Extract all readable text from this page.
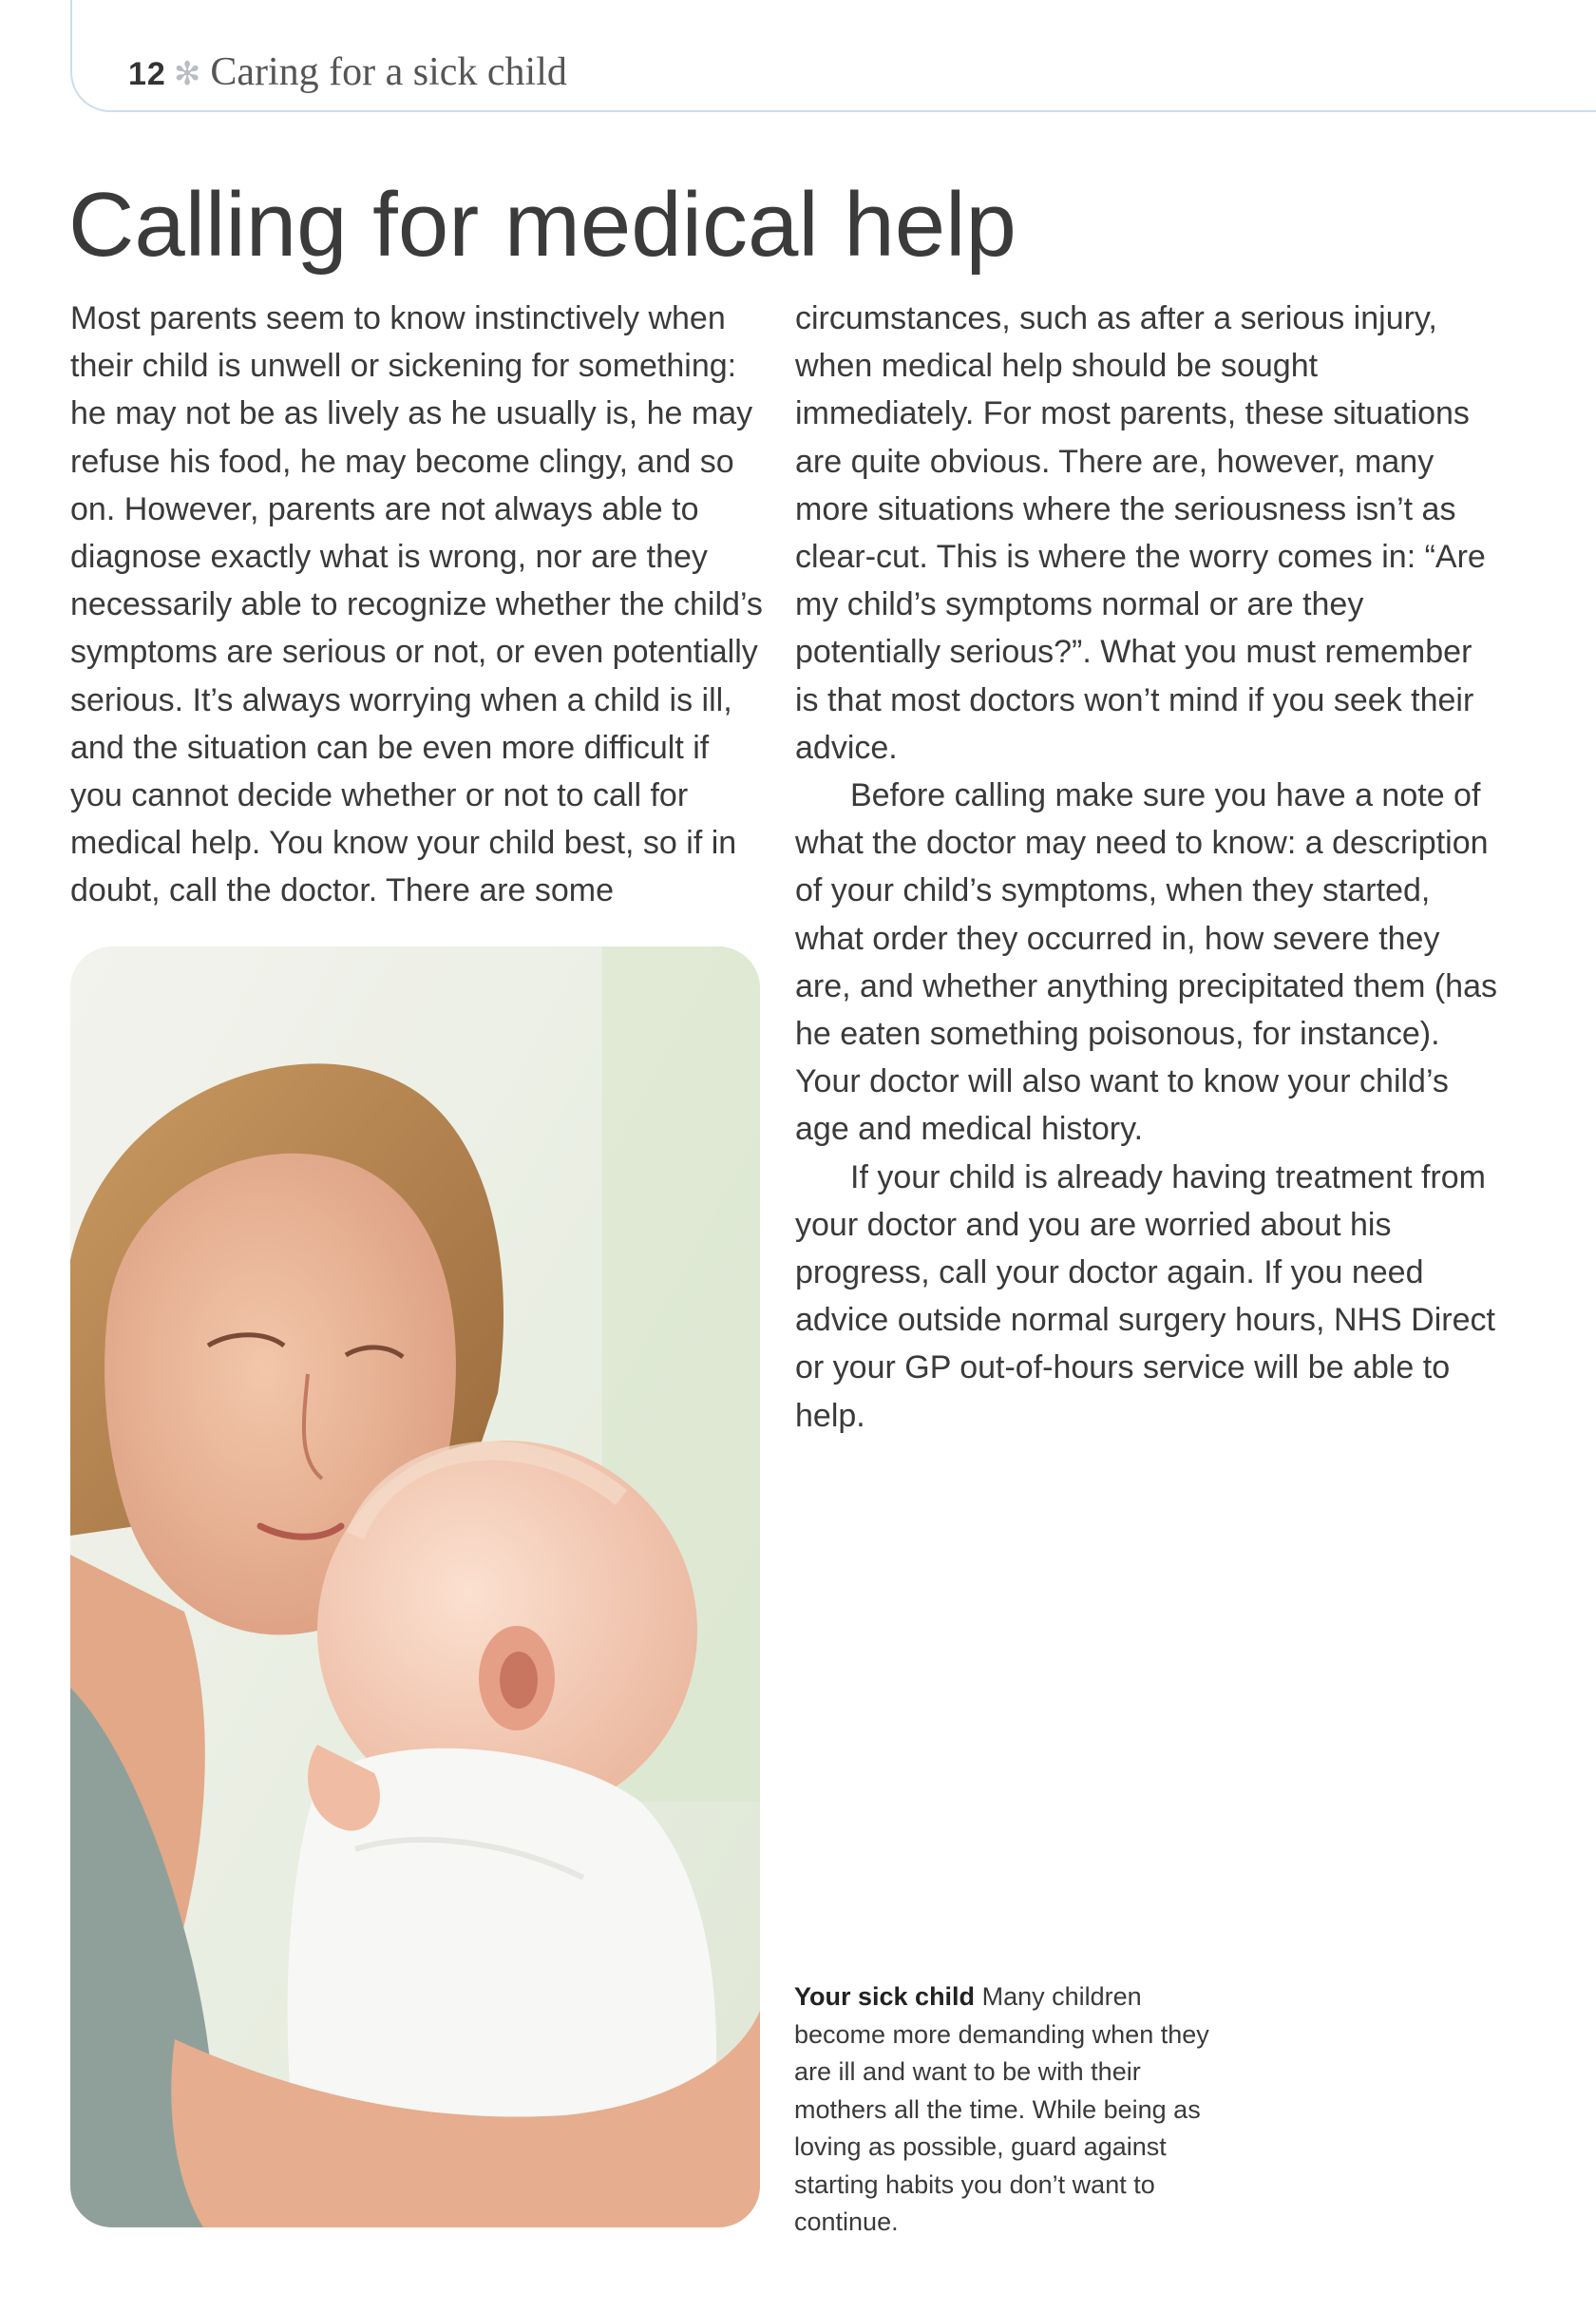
12 ✻ Caring for a sick child
Calling for medical help

Most parents seem to know instinctively when their child is unwell or sickening for something: he may not be as lively as he usually is, he may refuse his food, he may become clingy, and so on. However, parents are not always able to diagnose exactly what is wrong, nor are they necessarily able to recognize whether the child’s symptoms are serious or not, or even potentially serious. It’s always worrying when a child is ill, and the situation can be even more difficult if you cannot decide whether or not to call for medical help. You know your child best, so if in doubt, call the doctor. There are some

circumstances, such as after a serious injury, when medical help should be sought immediately. For most parents, these situations are quite obvious. There are, however, many more situations where the seriousness isn’t as clear-cut. This is where the worry comes in: “Are my child’s symptoms normal or are they potentially serious?”. What you must remember is that most doctors won’t mind if you seek their advice.

Before calling make sure you have a note of what the doctor may need to know: a description of your child’s symptoms, when they started, what order they occurred in, how severe they are, and whether anything precipitated them (has he eaten something poisonous, for instance). Your doctor will also want to know your child’s age and medical history.

If your child is already having treatment from your doctor and you are worried about his progress, call your doctor again. If you need advice outside normal surgery hours, NHS Direct or your GP out-of-hours service will be able to help.

Your sick child Many children become more demanding when they are ill and want to be with their mothers all the time. While being as loving as possible, guard against starting habits you don’t want to continue.
